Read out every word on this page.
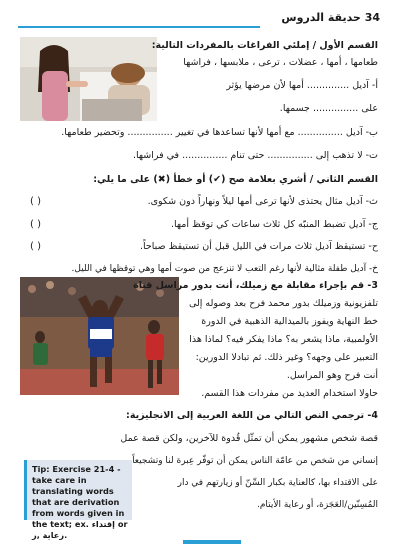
34 حديقة الدروس
القسم الأول / إملئي الفراغات بالمفردات التالية:
طعامها ، أمها ، عضلات ، ترعى ، ملابسها ، فراشها
أ- آديل .............. أمها لأن مرضها يؤثر
على ............... جسمها.
ب- آديل ............... مع أمها لأنها تساعدها في تغيير ............... وتحضير طعامها.
ت- لا تذهب إلى ............... حتى تنام ............... في فراشها.
القسم الثاني / أشري بعلامة صح (✔) أو خطأ (✖) على ما يلي:
ث- آديل مثال يحتذى لأنها ترعى أمها ليلاً ونهاراً دون شكوى.
( )
ج- آديل تضبط المنبّه كل ثلاث ساعات كي توقظ أمها.
( )
ح- تستيقظ آديل ثلاث مرات في الليل قبل أن تستيقظ صباحاً.
( )
خ- آديل طفلة مثالية لأنها رغم التعب لا تنزعج من صوت أمها وهي توقظها في الليل.
3- قم بإجراء مقابلة مع زميلك، أنت بدور مراسل قناة
تلفزيونية وزميلك بدور محمد فرح بعد وصوله إلى
خط النهاية ويفوز بالميدالية الذهبية في الدورة
الأولمبية، ماذا يشعر به؟ ماذا يفكر فيه؟ لماذا هذا
التعبير على وجهه؟ وغير ذلك. ثم تبادلا الدورين:
أنت فرح وهو المراسل.
حاولا استخدام العديد من مفردات هذا القسم.
4- ترجمي النص التالي من اللغة العربية إلى الانجليزية:
قصة شخص مشهور يمكن أن تمثّل قُدوة للآخرين، ولكن قصة عمل
إنساني من شخص من عامّة الناس يمكن أن توفّر عِبرة لنا وتشجيعاً
على الاقتداء بها، كالعناية بكبار السِّنّ أو زيارتهم في دار
المُسِنّين/العَجَزة، أو رعاية الأيتام.
Tip: Exercise 21-4 - take care in translating words that are derivation from words given in the text; ex. إقتداء or رعاية ,ر.
